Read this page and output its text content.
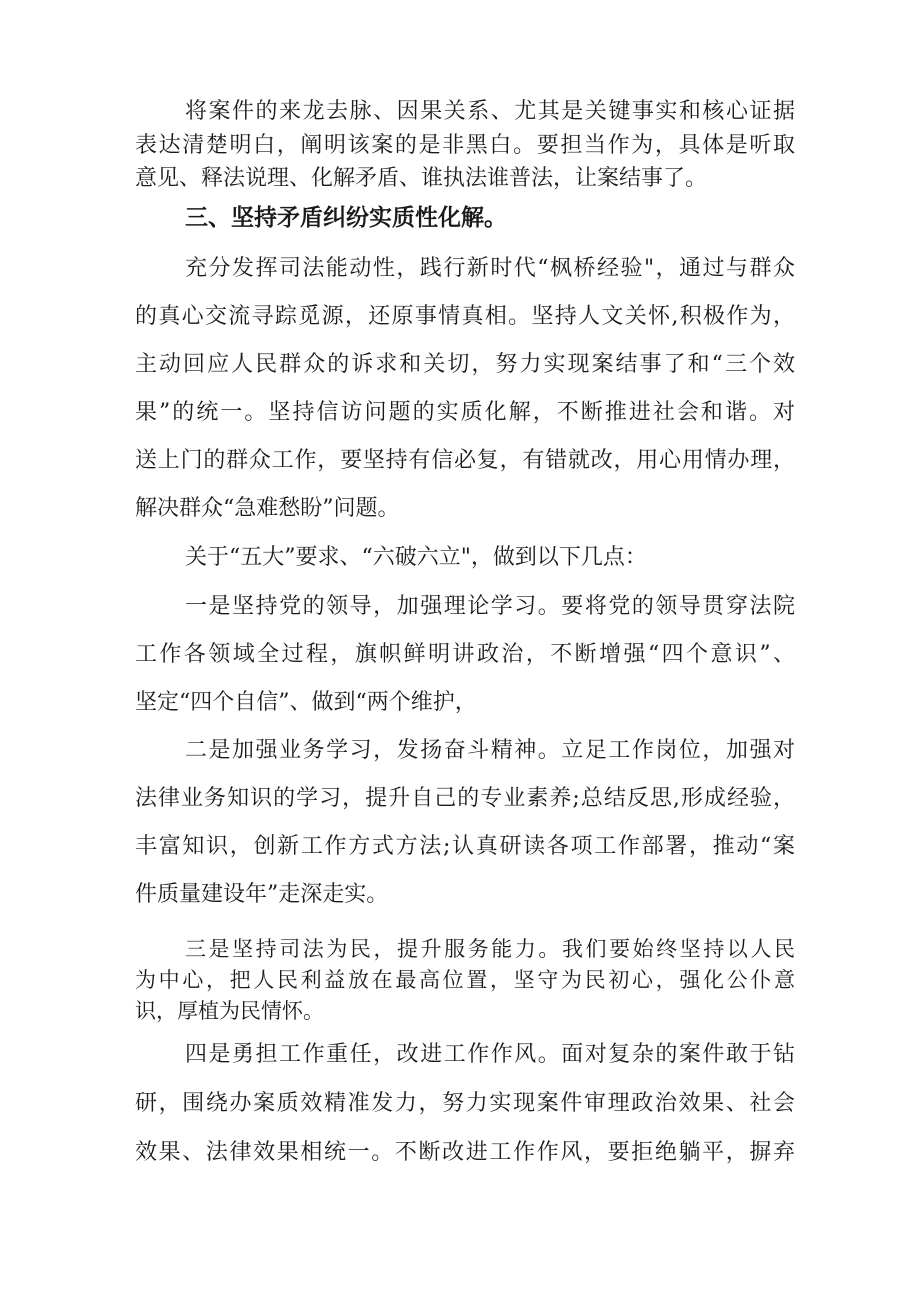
将案件的来龙去脉、因果关系、尤其是关键事实和核心证据

表达清楚明白，阐明该案的是非黑白。要担当作为，具体是听取

意见、释法说理、化解矛盾、谁执法谁普法，让案结事了。

三、坚持矛盾纠纷实质性化解。

充分发挥司法能动性，践行新时代“枫桥经验"，通过与群众

的真心交流寻踪觅源，还原事情真相。坚持人文关怀,积极作为，

主动回应人民群众的诉求和关切，努力实现案结事了和“三个效

果”的统一。坚持信访问题的实质化解，不断推进社会和谐。对

送上门的群众工作，要坚持有信必复，有错就改，用心用情办理，

解决群众“急难愁盼”问题。

关于“五大”要求、“六破六立"，做到以下几点：

一是坚持党的领导，加强理论学习。要将党的领导贯穿法院

工作各领域全过程，旗帜鲜明讲政治，不断增强“四个意识”、

坚定“四个自信”、做到“两个维护，

二是加强业务学习，发扬奋斗精神。立足工作岗位，加强对

法律业务知识的学习，提升自己的专业素养;总结反思,形成经验，

丰富知识，创新工作方式方法;认真研读各项工作部署，推动“案

件质量建设年”走深走实。

三是坚持司法为民，提升服务能力。我们要始终坚持以人民

为中心，把人民利益放在最高位置，坚守为民初心，强化公仆意

识，厚植为民情怀。

四是勇担工作重任，改进工作作风。面对复杂的案件敢于钻

研，围绕办案质效精准发力，努力实现案件审理政治效果、社会

效果、法律效果相统一。不断改进工作作风，要拒绝躺平，摒弃
